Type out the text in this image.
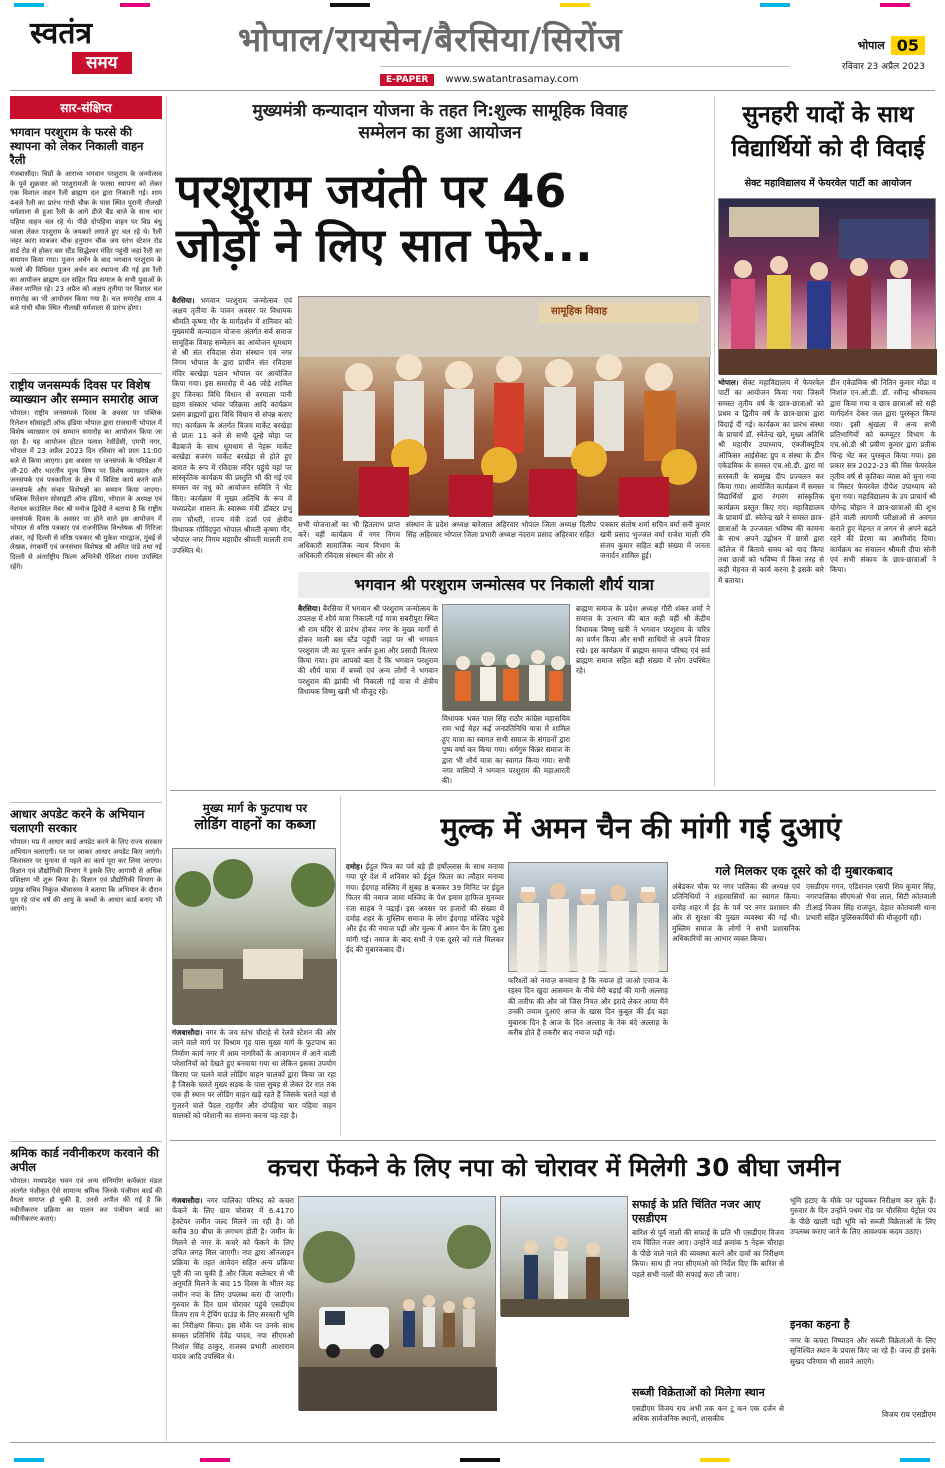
स्वतंत्र
समय
भोपाल/रायसेन/बैरसिया/सिरोंज
E-PAPER www.swatantrasamay.com
भोपाल 05
रविवार 23 अप्रैल 2023
सार-संक्षिप्त
भगवान परशुराम के फरसे की स्थापना को लेकर निकाली वाहन रैली
गंजबासौदा। विप्रों के आराध्य भगवान परशुराम के जन्मोत्सव के पूर्व शुक्रवार को परशुरामजी के फरसा स्थापना को लेकर एक विशाल वाहन रैली ब्राह्मण दल द्वारा निकाली गई। शाम 4बजे रैली का प्रारंभ गांधी चौक के पास स्थित पुरानी नौलखी धर्मशाला से हुआ रैली के आगे डीजे बैंड बाजे के साथ चार पहिया वाहन चल रहे थे। पीछे दोपहिया वाहन पर विप्र बंधु ध्वजा लेकर परशुराम के जयकारे लगाते हुए चल रहे थे। रैली जहर कारा साबजर चौक हनुमान चौक जय स्तंभ स्टेशन रोड वार्ड रोड से होकर बस स्टैंड सिद्धेश्वर मंदिर पहुंची जहां रैली का समापन किया गया। पूजन अर्चन के बाद भगवान परशुराम के फरसे की विधिवत पूजन अर्चन कर स्थापना की गई इस रैली का आयोजन ब्राह्मण दल सहित विप्र समाज के सभी युवाओं के लेकर शामिल रहे। 23 अप्रैल को अक्षय तृतीया पर विशाल चल समारोह का भी आयोजन किया गया है। चल समारोह शाम 4 बजे गांधी चौक स्थित नौलखी धर्मशाला से प्रारंभ होगा।
राष्ट्रीय जनसम्पर्क दिवस पर विशेष व्याख्यान और सम्मान समारोह आज
भोपाल। राष्ट्रीय जनसम्पर्क दिवस के अवसर पर पब्लिक रिलेशन सोसाइटी ऑफ इंडिया भोपाल द्वारा राजधानी भोपाल में विशेष व्याख्यान एवं सम्मान समारोह का आयोजन किया जा रहा है। यह आयोजन होटल पलाश रेसीडेंसी, एमपी नगर, भोपाल में 23 अप्रैल 2023 दिन रविवार को प्रातः 11:00 बजे से किया जाएगा। इस अवसर पर जनसंपर्क के परिप्रेक्ष्य में जी-20 और भारतीय मूल्य विषय पर विशेष व्याख्यान और जनसंपर्क एवं पत्रकारिता के क्षेत्र में विशिष्ट कार्य करने वाले जनसंपर्क और संचार विशेषज्ञों का सम्मान किया जाएगा। पब्लिक रिलेशन सोसाइटी ऑफ इंडिया, भोपाल के अध्यक्ष एवं नेशनल काउंसिल मेंबर श्री मनोज द्विवेदी ने बताया है कि राष्ट्रीय जनसंपर्क दिवस के अवसर पर होने वाले इस आयोजन में भोपाल से वरिष्ठ पत्रकार एवं राजनीतिक विश्लेषक श्री गिरिजा शंकर, नई दिल्ली से वरिष्ठ पत्रकार श्री मुकेश भारद्वाज, मुंबई से लेखक, रंगकर्मी एवं जनसंचार विशेषज्ञ श्री अमित पांडे तथा नई दिल्ली से अंतर्राष्ट्रीय फिल्म अभिनेत्री ऐलिशा रायना उपस्थित रहेंगे।
आधार अपडेट करने के अभियान चलाएगी सरकार
भोपाल। मप्र में आधार कार्ड अपडेट करने के लिए राज्य सरकार अभियान चलाएगी। पर पर जाकर आधार अपडेट किए जाएंगे। जिलास्तर पर मुनाना से पहले का कार्य पूरा कर लिया जाएगा। विज्ञान एवं प्रौद्योगिकी विभाग ने इसके लिए आगामी से अधिक प्रशिक्षण भी शुरू किया है। विज्ञान एवं प्रौद्योगिकी विभाग के प्रमुख सचिव निकुंज श्रीवास्तव ने बताया कि अभियान के दौरान घूम रहे पांच वर्ष की आयु के बच्चों के आधार कार्ड बनाए भी जाएंगे।
श्रमिक कार्ड नवीनीकरण करवाने की अपील
भोपाल। मध्यप्रदेश भवन एवं अन्य संनिर्माण कर्मकार मंडल अंतर्गत पंजीकृत ऐसे सामान्य श्रमिक जिनके पंजीयन कार्ड की वैधता समाप्त हो चुकी है, उनसे अपील की गई है कि नवीनीकरण प्रक्रिया का पालन कर पंजीयन कार्ड का नवीनीकरण कराएं।
मुख्यमंत्री कन्यादान योजना के तहत नि:शुल्क सामूहिक विवाह सम्मेलन का हुआ आयोजन
परशुराम जयंती पर 46
जोड़ों ने लिए सात फेरे...
बैरसिया। भगवान परशुराम जन्मोत्सव एवं अक्षय तृतीया के पावन अवसर पर विधायक श्रीमति कृष्णा गौर के मार्गदर्शन में शनिवार को मुख्यमंत्री कन्यादान योजना अंतर्गत सर्व समाज सामूहिक विवाह सम्मेलन का आयोजन धूमधाम से श्री संत रविदास सेवा संस्थान एवं नगर निगम भोपाल के द्वारा प्राचीन संत रविदास मंदिर बरखेड़ा पठान भोपाल पर आयोजित किया गया। इस समारोह में 46 जोड़े शामिल हुए जिनका विधि विधान से वरमाला पानी ग्रहण संस्कार भांवर परिक्रमा आदि कार्यक्रम प्रसंग ब्राह्मणों द्वारा विधि विधान से संपन्न कराए गए। कार्यक्रम के अंतर्गत विजय मार्केट बरखेड़ा से प्रातः 11 बजे से सभी दूल्हे घोड़ा पर बैंडबाजे के साथ धूमधाम से नेहरू मार्केट बरखेड़ा बजरंग मार्केट बरखेड़ा से होते हुए बारात के रूप में रविदास मंदिर पहुंचे यहां पर सांस्कृतिक कार्यक्रम की प्रस्तुति भी की गई एवं समस्त वर वधु को आयोजन समिति ने भेंट किए। कार्यक्रम में मुख्य अतिथि के रूप में मध्यप्रदेश शासन के स्वास्थ्य मंत्री डॉक्टर प्रभु राम चौधरी, राज्य मंत्री दर्जा एवं क्षेत्रीय विधायक गोविंदपुरा भोपाल श्रीमती कृष्णा गौर, भोपाल नगर निगम महापौर श्रीमती मालती राय उपस्थित थे।
सामूहिक विवाह
सभी योजनाओं का भी हितलाभ प्राप्त करें। वहीं कार्यक्रम में नगर निगम अधिकारी सामाजिक न्याय विभाग के अधिकारी रविदास संस्थान की ओर से
संस्थान के प्रदेश अध्यक्ष बारेलाल अहिरवार भोपाल जिला अध्यक्ष दिलीप सिंह अहिरवार भोपाल जिला प्रभारी अध्यक्ष नंदराम प्रसाद अहिरवार सहित
पत्रकार संतोष शर्मा सचिन वर्मा सनी कुमार खत्री प्रसाद भुज्जल वर्मा राजेश माली रवि संजय कुमार सहित बड़ी संख्या में जनता जनार्दन शामिल हुई।
भगवान श्री परशुराम जन्मोत्सव पर निकाली शौर्य यात्रा
बैरसिया। बैरसिया में भगवान श्री परशुराम जन्मोत्सव के उपलक्ष में शौर्य यात्रा निकाली गई यात्रा सबरीपुरा स्थित श्री राम मंदिर से प्रारंभ होकर नगर के मुख्य मार्गों से होकर माली बस स्टैंड पहुंची जहां पर श्री भगवान परशुराम जी का पूजन अर्चन हुआ और प्रसादी वितरण किया गया। हम आपको बता दें कि भगवान परशुराम की शौर्य यात्रा में बच्चों एवं अन्य लोगों ने भगवान परशुराम की झांकी भी निकाली गई यात्रा में क्षेत्रीय विधायक विष्णु खत्री भी मौजूद रहे।
विधायक भक्त पाल सिंह राठौर कांग्रेस महासचिव राम भाई मेहर कई जनप्रतिनिधि यात्रा में शामिल हुए यात्रा का स्वागत सभी समाज के संगठनों द्वारा पुष्प वर्षा कर किया गया। धर्मगुरु किन्नर समाज के द्वारा भी शौर्य यात्रा का स्वागत किया गया। सभी नगर वासियों ने भगवान परशुराम की महाआरती की।
ब्राह्मण समाज के प्रदेश अध्यक्ष गौरी शंकर शर्मा ने समाज के उत्थान की बात कही वहीं श्री केंद्रीय विधायक विष्णु खत्री ने भगवान परशुराम के चरित्र का वर्णन किया और सभी साथियों से अपने विचार रखे। इस कार्यक्रम में ब्राह्मण समाज परिषद एवं सर्व ब्राह्मण समाज सहित बड़ी संख्या में लोग उपस्थित रहे।
सुनहरी यादों के साथ
विद्यार्थियों को दी विदाई
सेक्ट महाविद्यालय में फेयरवेल पार्टी का आयोजन
भोपाल। सेक्ट महाविद्यालय में फेयरवेल पार्टी का आयोजन किया गया जिसमें समस्त तृतीय वर्ष के छात्र-छात्राओं को प्रथम व द्वितीय वर्ष के छात्र-छात्रा द्वारा विदाई दी गई। कार्यक्रम का प्रारंभ संस्था के प्राचार्य डॉ. स्वेतेन्द्र खरे, मुख्य अतिथि श्री महावीर उपाध्याय, एक्जीक्यूटिव ऑफिसर आईसेक्ट ग्रुप व संस्था के डीन एकेडमिक के समस्त एच.ओ.डी. द्वारा मां सरस्वती के सम्मुख दीप प्रज्वलन कर किया गया। आयोजित कार्यक्रम में समस्त विद्यार्थियों द्वारा रंगारंग सांस्कृतिक कार्यक्रम प्रस्तुत किए गए। महाविद्यालय के प्राचार्य डॉ. स्वेतेन्द्र खरे ने समस्त छात्र-छात्राओं के उज्जवल भविष्य की कामना के साथ अपने उद्बोधन में छात्रों द्वारा कॉलेज में बिताये समय को याद किया तथा छात्रों को भविष्य में किस तरह से कड़ी मेहनत से कार्य करना है इसके बारे में बताया।
डीन एकेडमिक श्री नितिन कुमार मोंढा व निशांत एन.ओ.डी. डॉ. रवीन्द्र श्रीवास्तव द्वारा किया गया व छात्र छात्राओं को सही मार्गदर्शन देकर जल द्वारा पुरस्कृत किया गया। इसी श्रृंखला में अन्य सभी प्रतिभागियों को कम्प्यूटर विभाग के एच.ओ.डी श्री प्रवीण कुमार द्वारा प्रतीक चिन्ह भेंट कर पुरस्कृत किया गया। इस प्रकार सत्र 2022-23 की मिस फेयरवेल तृतीय वर्ष से कृतिका व्यास को चुना गया व मिस्टर फेयरवेल दीपेश उपाध्याय को चुना गया। महाविद्यालय के उप प्राचार्य श्री योगेन्द्र चौहान ने छात्र-छात्राओं की शुभ होने वाली आगामी परीक्षाओं से अवगत कराते हुए मेहनत व लगन से अपने बढ़ते रहने की प्रेरणा का आशीर्वाद दिया। कार्यक्रम का संचालन श्रीमती दीपा सोनी एवं सभी संकाय के छात्र-छात्राओं ने किया।
मुख्य मार्ग के फुटपाथ पर
लोडिंग वाहनों का कब्जा
गंजबासौदा। नगर के जय स्तंभ चौराहे से रेलवे स्टेशन की ओर जाने वाले मार्ग पर विश्राम गृह पास मुख्य मार्ग के फुटपाथ का निर्माण कार्य नगर में आम नागरिकों के आवागमन में आने वाली परेशानियों को देखते हुए बनवाया गया था लेकिन इसका उपयोग किराए पर चलने वाले लोडिंग वाहन चालकों द्वारा किया जा रहा है जिसके चलते मुख्य सड़क के पास सुबह से लेकर देर रात तक एक ही स्थान पर लोडिंग वाहन खड़े रहते हैं जिसके चलते यहां से गुजरने वाले पैदल राहगीर और दोपहिया चार पहिया वाहन चालकों को परेशानी का सामना करना पड़ रहा है।
मुल्क में अमन चैन की मांगी गई दुआएं
दमोह। ईदुल फित्र का पर्व बड़े ही हर्षोल्लास के साथ मनाया गया पूरे देश में शनिवार को ईदुल फितर का त्यौहार मनाया गया। ईदगाह मस्जिद में सुबह 8 बजकर 39 मिनिट पर ईदुल फितर की नमाज जामा मस्जिद के पेश इमाम हाफिज मुनव्वर रजा साहब ने पढ़ाई। इस अवसर पर हजारों की संख्या में दमोह शहर के मुस्लिम समाज के लोग ईदगाह मस्जिद पहुंचे और ईद की नमाज पढ़ी और मुल्क में अमन चैन के लिए दुआ मांगी गई। नमाज के बाद सभी ने एक दूसरे को गले मिलकर ईद की मुबारकबाद दी।
फरिश्तों को नमाज़ बनवाना है कि नवाज हो जाओ एजाज के रहस्य दिन खुदा आसमान के नीचे मेरी बड़ाई की यानी अल्लाह की तारीफ की और जो जिस नियत और इरादे लेकर आया मैंने उनकी तमाम दुआएं आज के खास दिन कुबूल की ईद बड़ा मुबारक दिन है आज के दिन अल्लाह के नेक बंदे अल्लाह के करीब होते हैं तकरीर बाद नमाज पढ़ी गई।
गले मिलकर एक दूसरे को दी मुबारकबाद
अंबेडकर चौक पर नगर पालिका की अध्यक्ष एवं प्रतिनिधियों ने शहरवासियों का स्वागत किया। दमोह शहर में ईद के पर्व पर नगर प्रशासन की ओर से सुरक्षा की पुख्ता व्यवस्था की गई थी। मुस्लिम समाज के लोगों ने सभी प्रशासनिक अधिकारियों का आभार व्यक्त किया।
एसडीएम गगन, एडिशनल एसपी शिव कुमार सिंह, नगरपालिका सीएमओ भैया लाल, सिटी कोतवाली टीआई विजय सिंह राजपूत, देहात कोतवाली थाना प्रभारी सहित पुलिसकर्मियों की मौजूदगी रही।
कचरा फेंकने के लिए नपा को चोरावर में मिलेगी 30 बीघा जमीन
गंजबासौदा। नगर पालिका परिषद को कचरा फेंकने के लिए ग्राम चोरावर में 6.4170 हेक्टेयर जमीन जल्द मिलने जा रही है। जो करीब 30 बीघा के लगभग होती है। जमीन के मिलने से नगर के कचरे को फेंकने के लिए उचित जगह मिल जाएगी। नपा द्वारा ऑनलाइन प्रक्रिया के तहत आवेदन सहित अन्य प्रक्रिया पूरी की जा चुकी है और जिला कलेक्टर से भी अनुमति मिलने के बाद 15 दिवस के भीतर यह जमीन नपा के लिए उपलब्ध करा दी जाएगी। गुरुवार के दिन ग्राम चोरावर पहुंचे एसडीएम विजय राय ने ट्रेंचिंग ग्राउंड के लिए सरकारी भूमि का निरीक्षण किया। इस मौके पर उनके साथ समस्त प्रतिनिधि देवेंद्र यादव, नपा सीएमओ निशांत सिंह ठाकुर, राजस्व प्रभारी आशाराम यादव आदि उपस्थित थे।
सफाई के प्रति चिंतित नजर आए एसडीएम
बारिश से पूर्व नालों की सफाई के प्रति भी एसडीएम विजय राय चिंतित नजर आए। उन्होंने वार्ड क्रमांक 5 नेहरू चौराहा के पीछे वाले नाले की व्यवस्था करने और दावों का निरीक्षण किया। साथ ही नपा सीएमओ को निर्देश दिए कि बारिश से पहले सभी नालों की सफाई करा ली जाए।
सब्जी विक्रेताओं को मिलेगा स्थान
एसडीएम विजय राय अभी तक कन टू कन एक दर्जन से अधिक सार्वजनिक स्थानों, शासकीय
भूमि हटाए के मौके पर पहुंचकर निरीक्षण कर चुके हैं। गुरुवार के दिन उन्होंने पथम रोड पर चौरसिया पेट्रोल पंप के पीछे खाली पड़ी भूमि को सब्जी विक्रेताओं के लिए उपलब्ध कराए जाने के लिए आवश्यक कदम उठाए।
इनका कहना है
नगर के कचरा निष्पादन और सब्जी विक्रेताओं के लिए सुनिश्चित स्थान के प्रयास किए जा रहे हैं। जल्द ही इसके सुखद परिणाम भी सामने आएंगे।
विजय राय एसडीएम
